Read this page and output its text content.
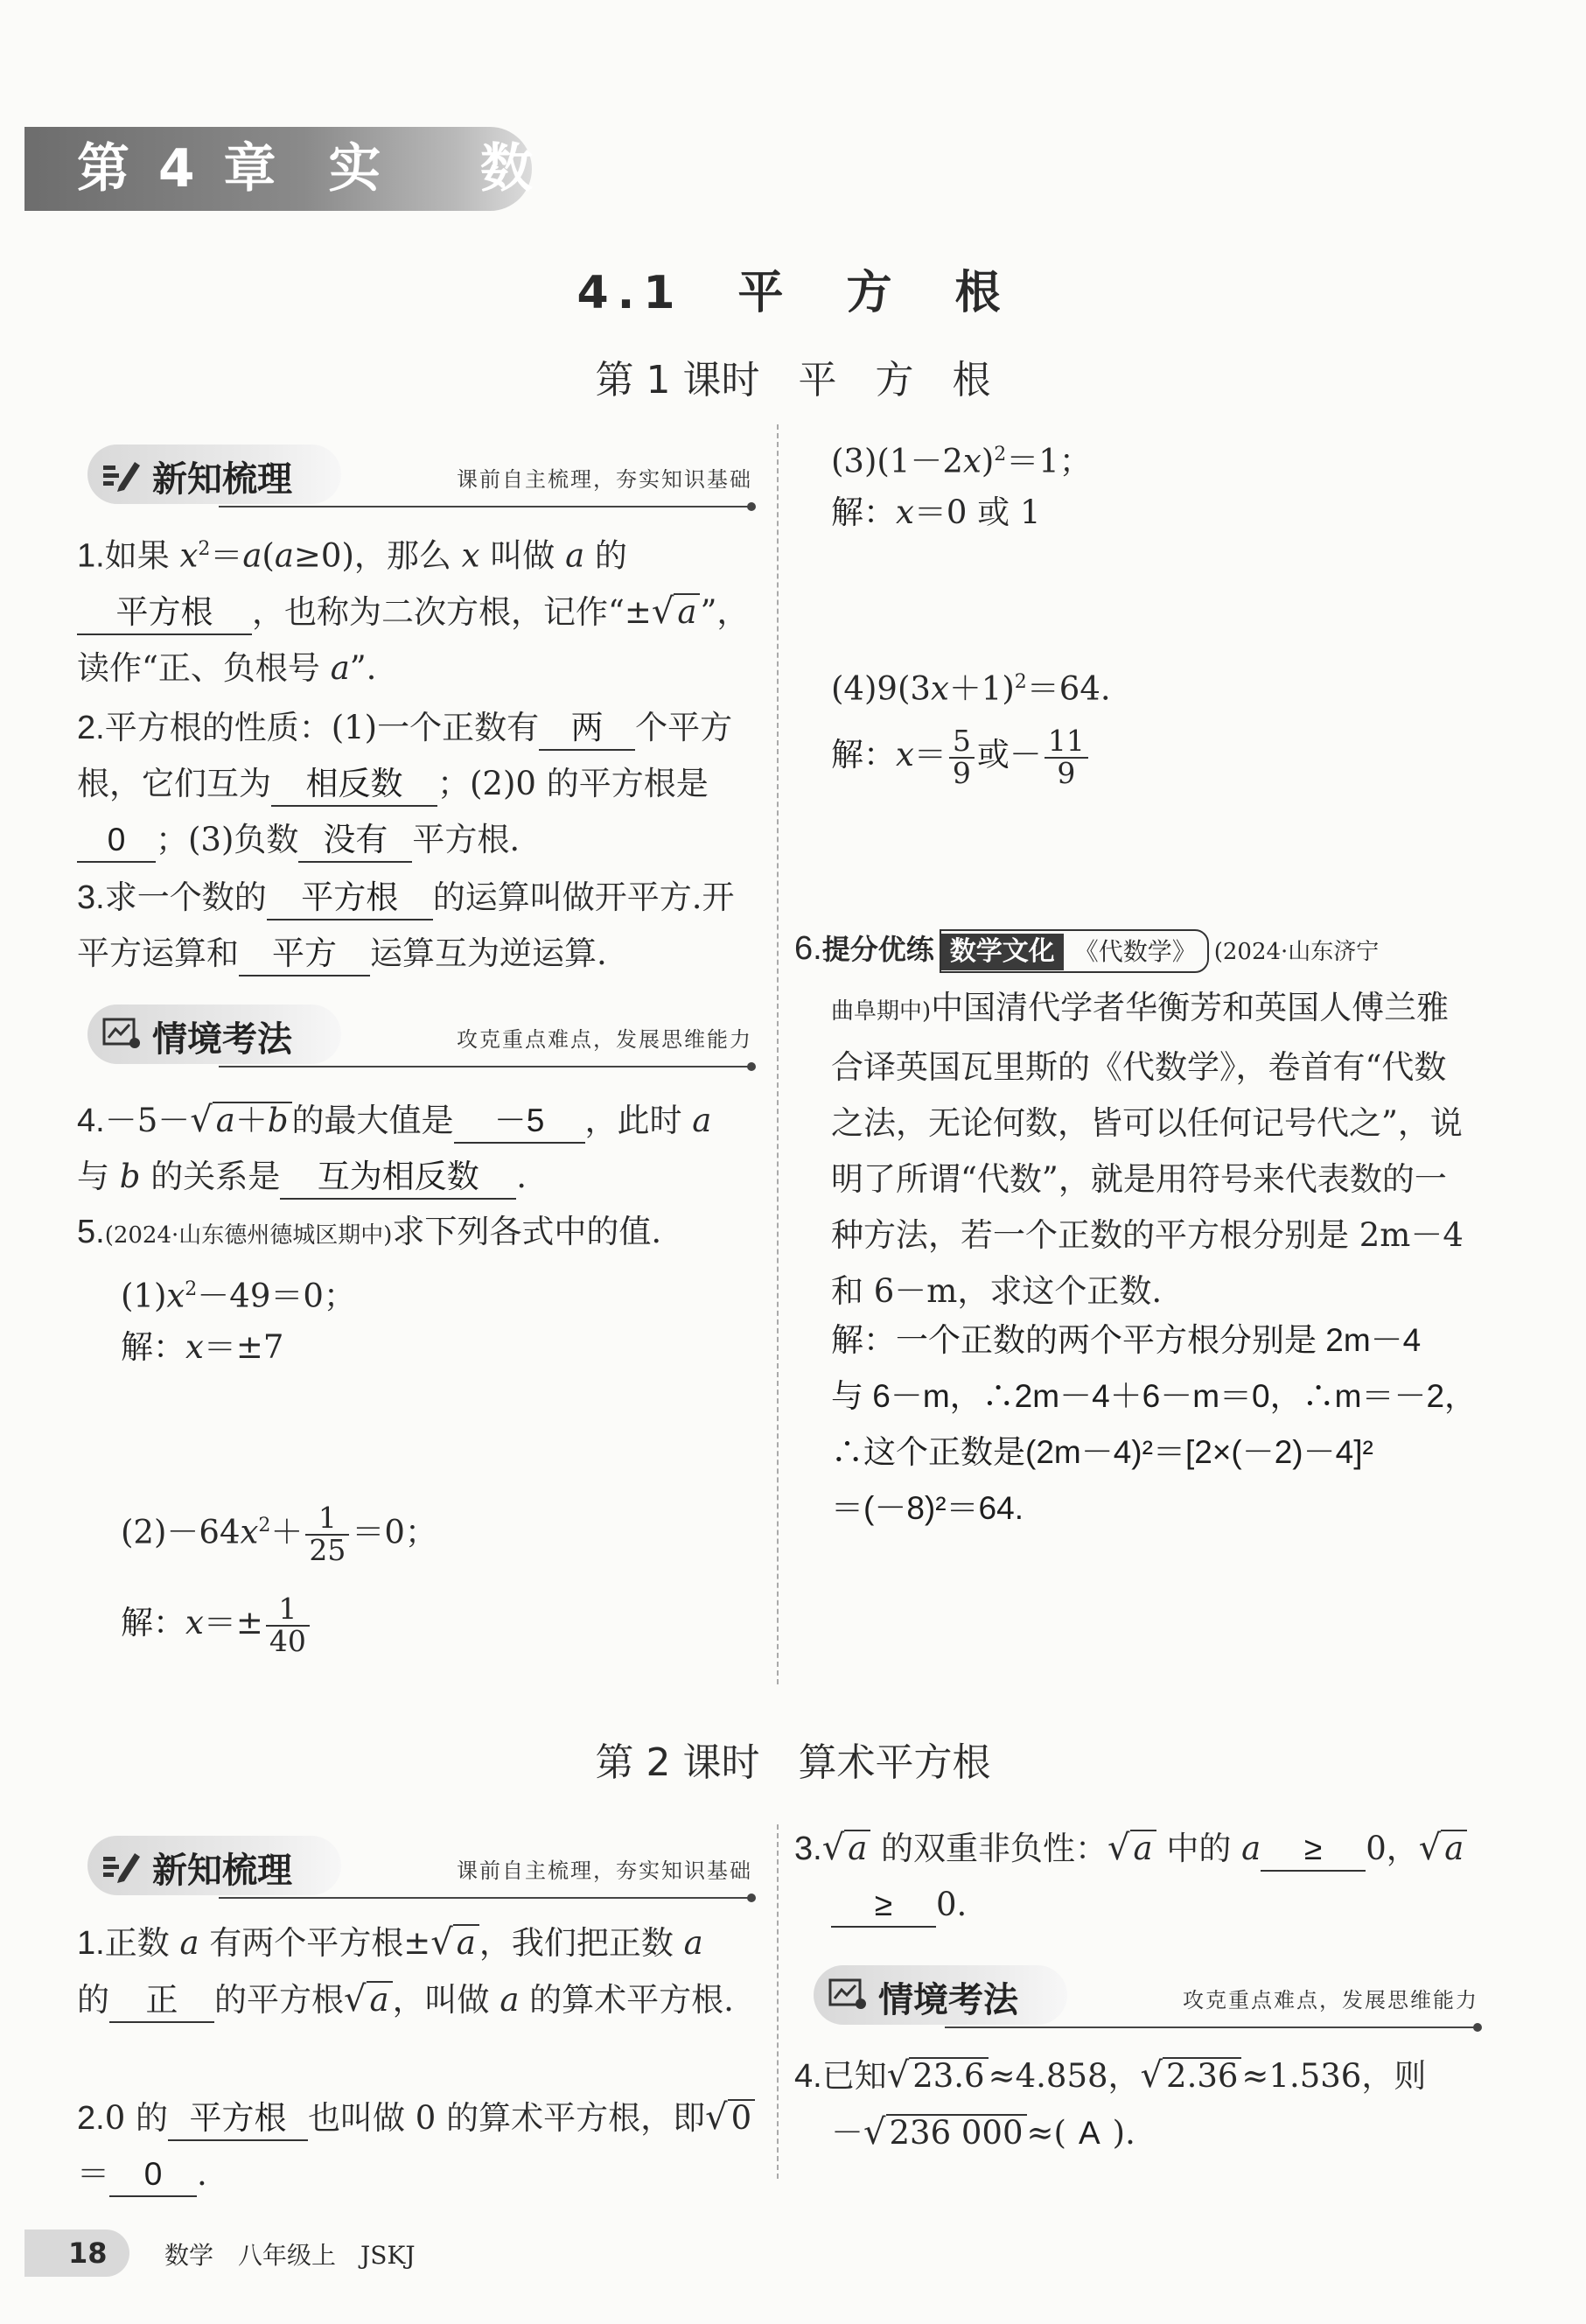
第 4 章 实    数
4.1　平　方　根
第 1 课时　平　方　根
新知梳理	课前自主梳理，夯实知识基础
1.如果 $x^2=a(a\ge 0)$，那么 x 叫做 a 的平方根 ，也称为二次方根，记作“±√ a ”，读作“正、负根号 a”.
2.平方根的性质：(1)一个正数有 两 个平方根，它们互为 相反数 ；(2)0 的平方根是0 ；(3)负数 没有 平方根.
3.求一个数的 平方根 的运算叫做开平方.开平方运算和 平方 运算互为逆运算.
情境考法	攻克重点难点，发展思维能力
4.－5－√ a＋b 的最大值是 －5 ，此时 a
与 b 的关系是 互为相反数 .
5.(2024·山东德州德城区期中)求下列各式中的值.
$(1)x^2-49=0$；
解：x＝±7
$(2)-64x^2+ \frac{1}{25} =0$；
解：$x=\pm \frac{1}{40}$
$(3)(1-2x)^2=1$；
解：x＝0 或 1
$(4)9(3x+1)^2=64$.
解：$x= \frac{5}{9}$ 或－ $\frac{11}{9}$
6.提分优练 数学文化 《代数学》 (2024·山东济宁
曲阜期中)中国清代学者华衡芳和英国人傅兰雅合译英国瓦里斯的《代数学》，卷首有“代数之法，无论何数，皆可以任何记号代之”，说明了所谓“代数”，就是用符号来代表数的一种方法，若一个正数的平方根分别是 2m－4 和 6－m，求这个正数.
解：一个正数的两个平方根分别是 2m－4
与 6－m，∴2m－4＋6－m＝0，∴m＝－2，
∴这个正数是(2m－4)²＝[2×(－2)－4]²
＝(－8)²＝64.
第 2 课时　算术平方根
新知梳理	课前自主梳理，夯实知识基础
1.正数 a 有两个平方根±√ a ，我们把正数 a
的 正 的平方根√ a ，叫做 a 的算术平方根.
2.0 的 平方根 也叫做 0 的算术平方根，即√ 0
＝ 0 .
3.√ a 的双重非负性：√ a 中的 a ≥ 0，√ a
≥ 0.
情境考法	攻克重点难点，发展思维能力
4.已知√ 23.6 ≈4.858，√ 2.36 ≈1.536，则
－√ 236 000 ≈( A ).
18	数学　八年级上　JSKJ
